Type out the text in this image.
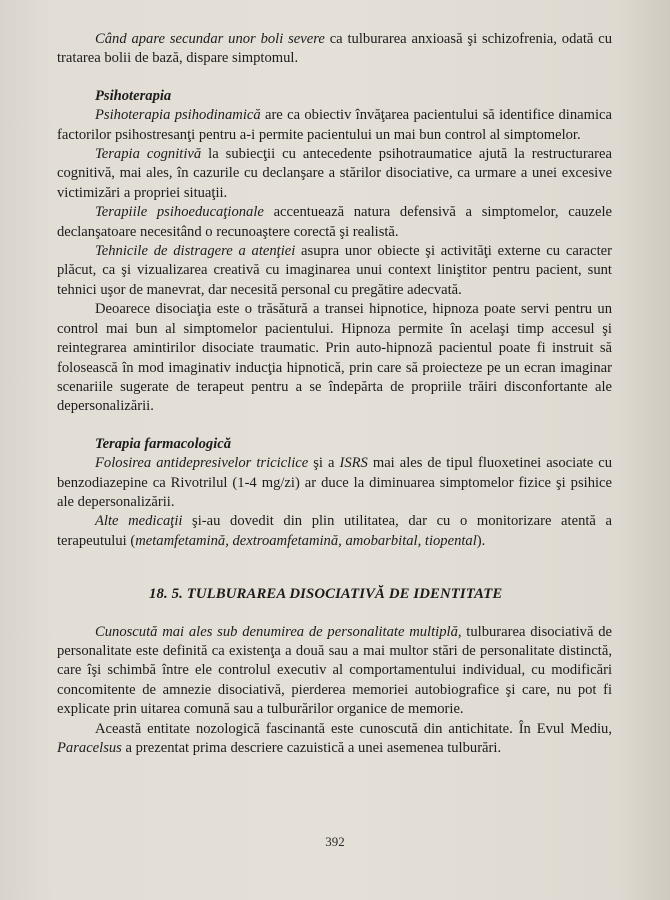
Când apare secundar unor boli severe ca tulburarea anxioasă şi schizofrenia, odată cu tratarea bolii de bază, dispare simptomul.

Psihoterapia

Psihoterapia psihodinamică are ca obiectiv învăţarea pacientului să identifice dinamica factorilor psihostresanţi pentru a-i permite pacientului un mai bun control al simptomelor.

Terapia cognitivă la subiecţii cu antecedente psihotraumatice ajută la restructurarea cognitivă, mai ales, în cazurile cu declanşare a stărilor disociative, ca urmare a unei excesive victimizări a propriei situaţii.

Terapiile psihoeducaţionale accentuează natura defensivă a simptomelor, cauzele declanşatoare necesitând o recunoaştere corectă şi realistă.

Tehnicile de distragere a atenţiei asupra unor obiecte şi activităţi externe cu caracter plăcut, ca şi vizualizarea creativă cu imaginarea unui context liniştitor pentru pacient, sunt tehnici uşor de manevrat, dar necesită personal cu pregătire adecvată.

Deoarece disociaţia este o trăsătură a transei hipnotice, hipnoza poate servi pentru un control mai bun al simptomelor pacientului. Hipnoza permite în acelaşi timp accesul şi reintegrarea amintirilor disociate traumatic. Prin auto-hipnoză pacientul poate fi instruit să folosească în mod imaginativ inducţia hipnotică, prin care să proiecteze pe un ecran imaginar scenariile sugerate de terapeut pentru a se îndepărta de propriile trăiri disconfortante ale depersonalizării.

Terapia farmacologică

Folosirea antidepresivelor triciclice şi a ISRS mai ales de tipul fluoxetinei asociate cu benzodiazepine ca Rivotrilul (1-4 mg/zi) ar duce la diminuarea simptomelor fizice şi psihice ale depersonalizării.

Alte medicaţii şi-au dovedit din plin utilitatea, dar cu o monitorizare atentă a terapeutului (metamfetamină, dextroamfetamină, amobarbital, tiopental).

18. 5. TULBURAREA DISOCIATIVĂ DE IDENTITATE

Cunoscută mai ales sub denumirea de personalitate multiplă, tulburarea disociativă de personalitate este definită ca existenţa a două sau a mai multor stări de personalitate distinctă, care îşi schimbă între ele controlul executiv al comportamentului individual, cu modificări concomitente de amnezie disociativă, pierderea memoriei autobiografice şi care, nu pot fi explicate prin uitarea comună sau a tulburărilor organice de memorie.

Această entitate nozologică fascinantă este cunoscută din antichitate. În Evul Mediu, Paracelsus a prezentat prima descriere cazuistică a unei asemenea tulburări.

392
